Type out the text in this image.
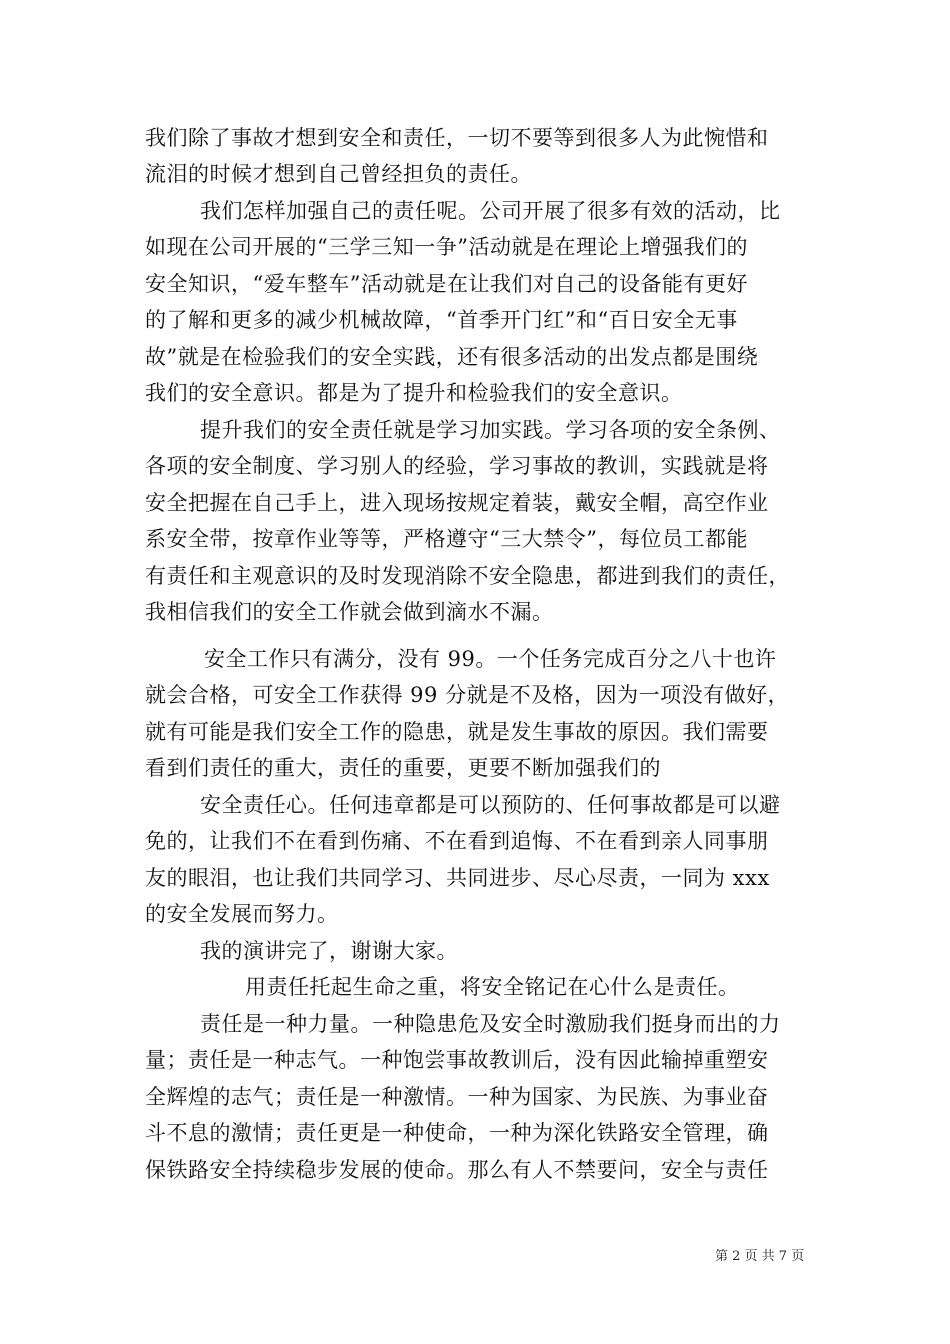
我们除了事故才想到安全和责任，一切不要等到很多人为此惋惜和
流泪的时候才想到自己曾经担负的责任。
我们怎样加强自己的责任呢。公司开展了很多有效的活动，比
如现在公司开展的“三学三知一争”活动就是在理论上增强我们的
安全知识，“爱车整车”活动就是在让我们对自己的设备能有更好
的了解和更多的减少机械故障，“首季开门红”和“百日安全无事
故”就是在检验我们的安全实践，还有很多活动的出发点都是围绕
我们的安全意识。都是为了提升和检验我们的安全意识。
提升我们的安全责任就是学习加实践。学习各项的安全条例、
各项的安全制度、学习别人的经验，学习事故的教训，实践就是将
安全把握在自己手上，进入现场按规定着装，戴安全帽，高空作业
系安全带，按章作业等等，严格遵守“三大禁令”，每位员工都能
有责任和主观意识的及时发现消除不安全隐患，都进到我们的责任，
我相信我们的安全工作就会做到滴水不漏。
安全工作只有满分，没有 99。一个任务完成百分之八十也许
就会合格，可安全工作获得 99 分就是不及格，因为一项没有做好，
就有可能是我们安全工作的隐患，就是发生事故的原因。我们需要
看到们责任的重大，责任的重要，更要不断加强我们的
安全责任心。任何违章都是可以预防的、任何事故都是可以避
免的，让我们不在看到伤痛、不在看到追悔、不在看到亲人同事朋
友的眼泪，也让我们共同学习、共同进步、尽心尽责，一同为 xxx
的安全发展而努力。
我的演讲完了，谢谢大家。
用责任托起生命之重，将安全铭记在心什么是责任。
责任是一种力量。一种隐患危及安全时激励我们挺身而出的力
量；责任是一种志气。一种饱尝事故教训后，没有因此输掉重塑安
全辉煌的志气；责任是一种激情。一种为国家、为民族、为事业奋
斗不息的激情；责任更是一种使命，一种为深化铁路安全管理，确
保铁路安全持续稳步发展的使命。那么有人不禁要问，安全与责任
第 2 页 共 7 页
